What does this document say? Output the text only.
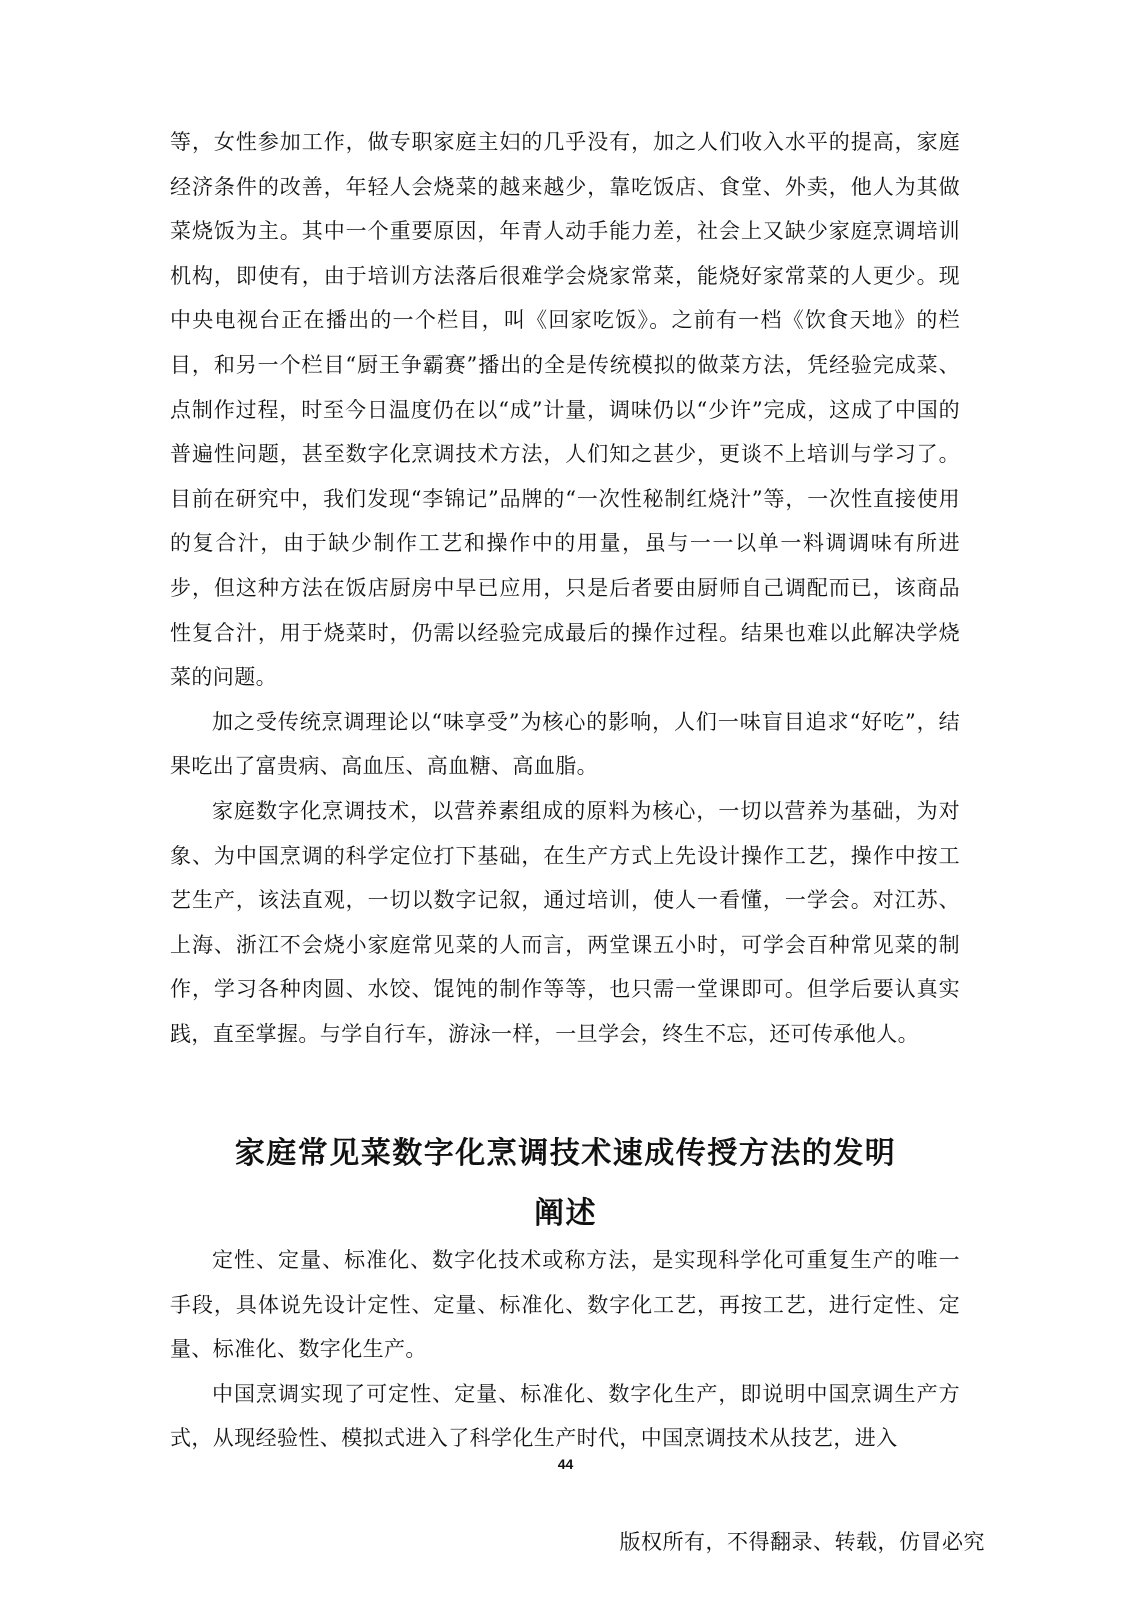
等，女性参加工作，做专职家庭主妇的几乎没有，加之人们收入水平的提高，家庭经济条件的改善，年轻人会烧菜的越来越少，靠吃饭店、食堂、外卖，他人为其做菜烧饭为主。其中一个重要原因，年青人动手能力差，社会上又缺少家庭烹调培训机构，即使有，由于培训方法落后很难学会烧家常菜，能烧好家常菜的人更少。现中央电视台正在播出的一个栏目，叫《回家吃饭》。之前有一档《饮食天地》的栏目，和另一个栏目“厨王争霸赛”播出的全是传统模拟的做菜方法，凭经验完成菜、点制作过程，时至今日温度仍在以“成”计量，调味仍以“少许”完成，这成了中国的普遍性问题，甚至数字化烹调技术方法，人们知之甚少，更谈不上培训与学习了。目前在研究中，我们发现“李锦记”品牌的“一次性秘制红烧汁”等，一次性直接使用的复合汁，由于缺少制作工艺和操作中的用量，虽与一一以单一料调调味有所进步，但这种方法在饭店厨房中早已应用，只是后者要由厨师自己调配而已，该商品性复合汁，用于烧菜时，仍需以经验完成最后的操作过程。结果也难以此解决学烧菜的问题。

加之受传统烹调理论以“味享受”为核心的影响，人们一味盲目追求“好吃”，结果吃出了富贵病、高血压、高血糖、高血脂。

家庭数字化烹调技术，以营养素组成的原料为核心，一切以营养为基础，为对象、为中国烹调的科学定位打下基础，在生产方式上先设计操作工艺，操作中按工艺生产，该法直观，一切以数字记叙，通过培训，使人一看懂，一学会。对江苏、上海、浙江不会烧小家庭常见菜的人而言，两堂课五小时，可学会百种常见菜的制作，学习各种肉圆、水饺、馄饨的制作等等，也只需一堂课即可。但学后要认真实践，直至掌握。与学自行车，游泳一样，一旦学会，终生不忘，还可传承他人。

家庭常见菜数字化烹调技术速成传授方法的发明
阐述

定性、定量、标准化、数字化技术或称方法，是实现科学化可重复生产的唯一手段，具体说先设计定性、定量、标准化、数字化工艺，再按工艺，进行定性、定量、标准化、数字化生产。

中国烹调实现了可定性、定量、标准化、数字化生产，即说明中国烹调生产方式，从现经验性、模拟式进入了科学化生产时代，中国烹调技术从技艺，进入

44

版权所有，不得翻录、转载，仿冒必究
